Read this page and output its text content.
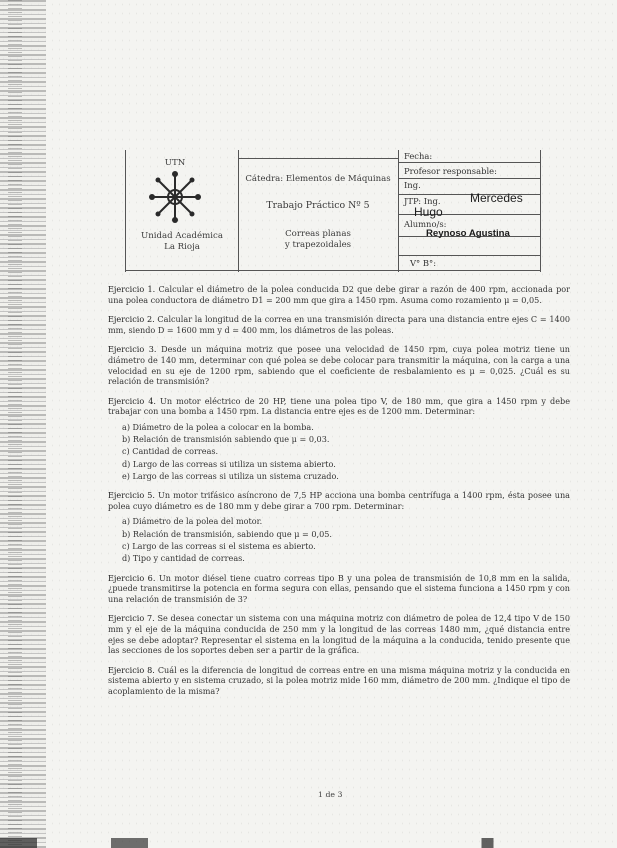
UTN
Unidad Académica
La Rioja
Cátedra: Elementos de Máquinas
Trabajo Práctico Nº 5
Correas planas
y trapezoidales
Fecha:
Profesor responsable:
Ing.
JTP: Ing. Mercedes
Hugo
Alumno/s:
Reynoso Agustina
V° B°:
Ejercicio 1. Calcular el diámetro de la polea conducida D2 que debe girar a razón de 400 rpm, accionada por una polea conductora de diámetro D1 = 200 mm que gira a 1450 rpm. Asuma como rozamiento μ = 0,05.
Ejercicio 2. Calcular la longitud de la correa en una transmisión directa para una distancia entre ejes C = 1400 mm, siendo D = 1600 mm y d = 400 mm, los diámetros de las poleas.
Ejercicio 3. Desde un máquina motriz que posee una velocidad de 1450 rpm, cuya polea motriz tiene un diámetro de 140 mm, determinar con qué polea se debe colocar para transmitir la máquina, con la carga a una velocidad en su eje de 1200 rpm, sabiendo que el coeficiente de resbalamiento es μ = 0,025. ¿Cuál es su relación de transmisión?
Ejercicio 4. Un motor eléctrico de 20 HP, tiene una polea tipo V, de 180 mm, que gira a 1450 rpm y debe trabajar con una bomba a 1450 rpm. La distancia entre ejes es de 1200 mm. Determinar:
a) Diámetro de la polea a colocar en la bomba.
b) Relación de transmisión sabiendo que μ = 0,03.
c) Cantidad de correas.
d) Largo de las correas si utiliza un sistema abierto.
e) Largo de las correas si utiliza un sistema cruzado.
Ejercicio 5. Un motor trifásico asíncrono de 7,5 HP acciona una bomba centrífuga a 1400 rpm, ésta posee una polea cuyo diámetro es de 180 mm y debe girar a 700 rpm. Determinar:
a) Diámetro de la polea del motor.
b) Relación de transmisión, sabiendo que μ = 0,05.
c) Largo de las correas si el sistema es abierto.
d) Tipo y cantidad de correas.
Ejercicio 6. Un motor diésel tiene cuatro correas tipo B y una polea de transmisión de 10,8 mm en la salida, ¿puede transmitirse la potencia en forma segura con ellas, pensando que el sistema funciona a 1450 rpm y con una relación de transmisión de 3?
Ejercicio 7. Se desea conectar un sistema con una máquina motriz con diámetro de polea de 12,4 tipo V de 150 mm y el eje de la máquina conducida de 250 mm y la longitud de las correas 1480 mm, ¿qué distancia entre ejes se debe adoptar? Representar el sistema en la longitud de la máquina a la conducida, tenido presente que las secciones de los soportes deben ser a partir de la gráfica.
Ejercicio 8. Cuál es la diferencia de longitud de correas entre en una misma máquina motriz y la conducida en sistema abierto y en sistema cruzado, si la polea motriz mide 160 mm, diámetro de 200 mm. ¿Indique el tipo de acoplamiento de la misma?
1 de 3
